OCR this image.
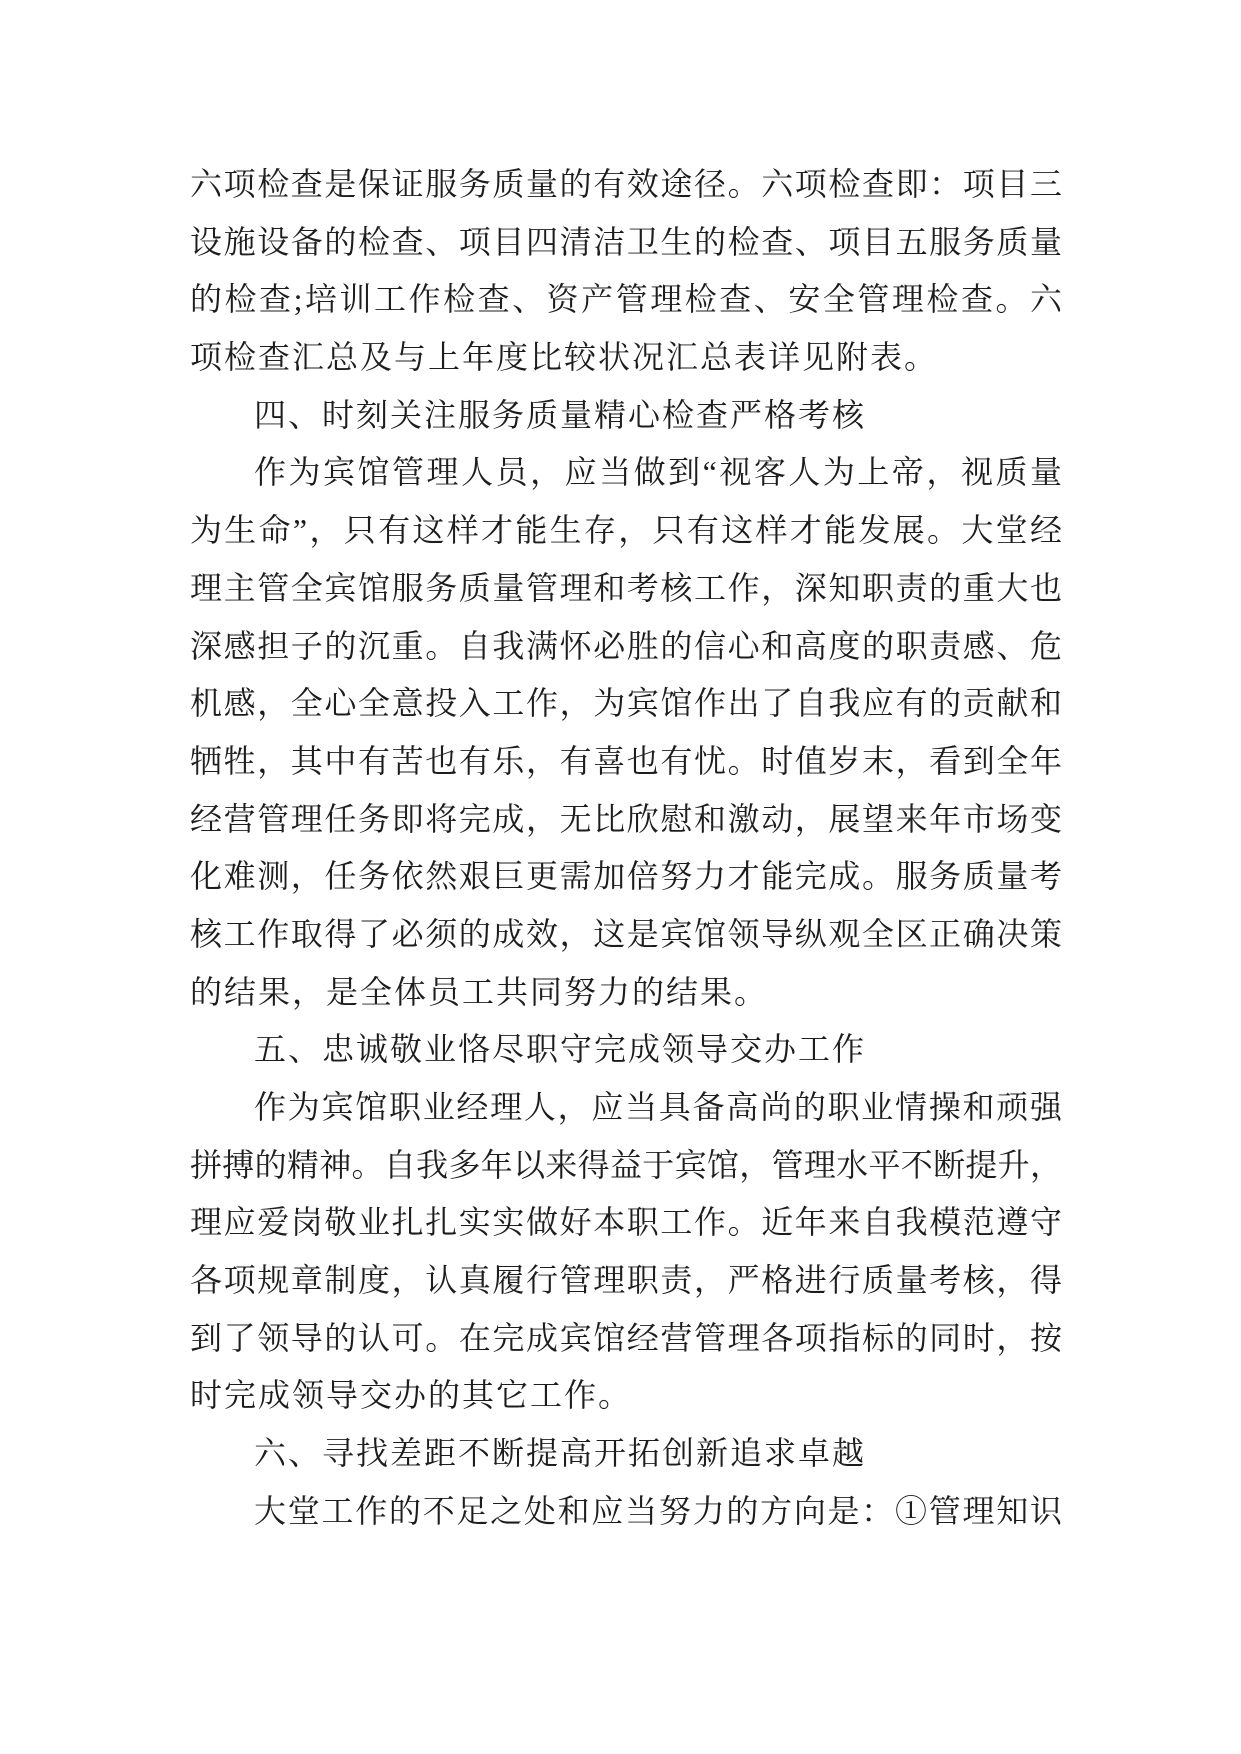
六项检查是保证服务质量的有效途径。六项检查即：项目三
设施设备的检查、项目四清洁卫生的检查、项目五服务质量
的检查;培训工作检查、资产管理检查、安全管理检查。六
项检查汇总及与上年度比较状况汇总表详见附表。
四、时刻关注服务质量精心检查严格考核
作为宾馆管理人员，应当做到“视客人为上帝，视质量
为生命”，只有这样才能生存，只有这样才能发展。大堂经
理主管全宾馆服务质量管理和考核工作，深知职责的重大也
深感担子的沉重。自我满怀必胜的信心和高度的职责感、危
机感，全心全意投入工作，为宾馆作出了自我应有的贡献和
牺牲，其中有苦也有乐，有喜也有忧。时值岁末，看到全年
经营管理任务即将完成，无比欣慰和激动，展望来年市场变
化难测，任务依然艰巨更需加倍努力才能完成。服务质量考
核工作取得了必须的成效，这是宾馆领导纵观全区正确决策
的结果，是全体员工共同努力的结果。
五、忠诚敬业恪尽职守完成领导交办工作
作为宾馆职业经理人，应当具备高尚的职业情操和顽强
拼搏的精神。自我多年以来得益于宾馆，管理水平不断提升，
理应爱岗敬业扎扎实实做好本职工作。近年来自我模范遵守
各项规章制度，认真履行管理职责，严格进行质量考核，得
到了领导的认可。在完成宾馆经营管理各项指标的同时，按
时完成领导交办的其它工作。
六、寻找差距不断提高开拓创新追求卓越
大堂工作的不足之处和应当努力的方向是：①管理知识
